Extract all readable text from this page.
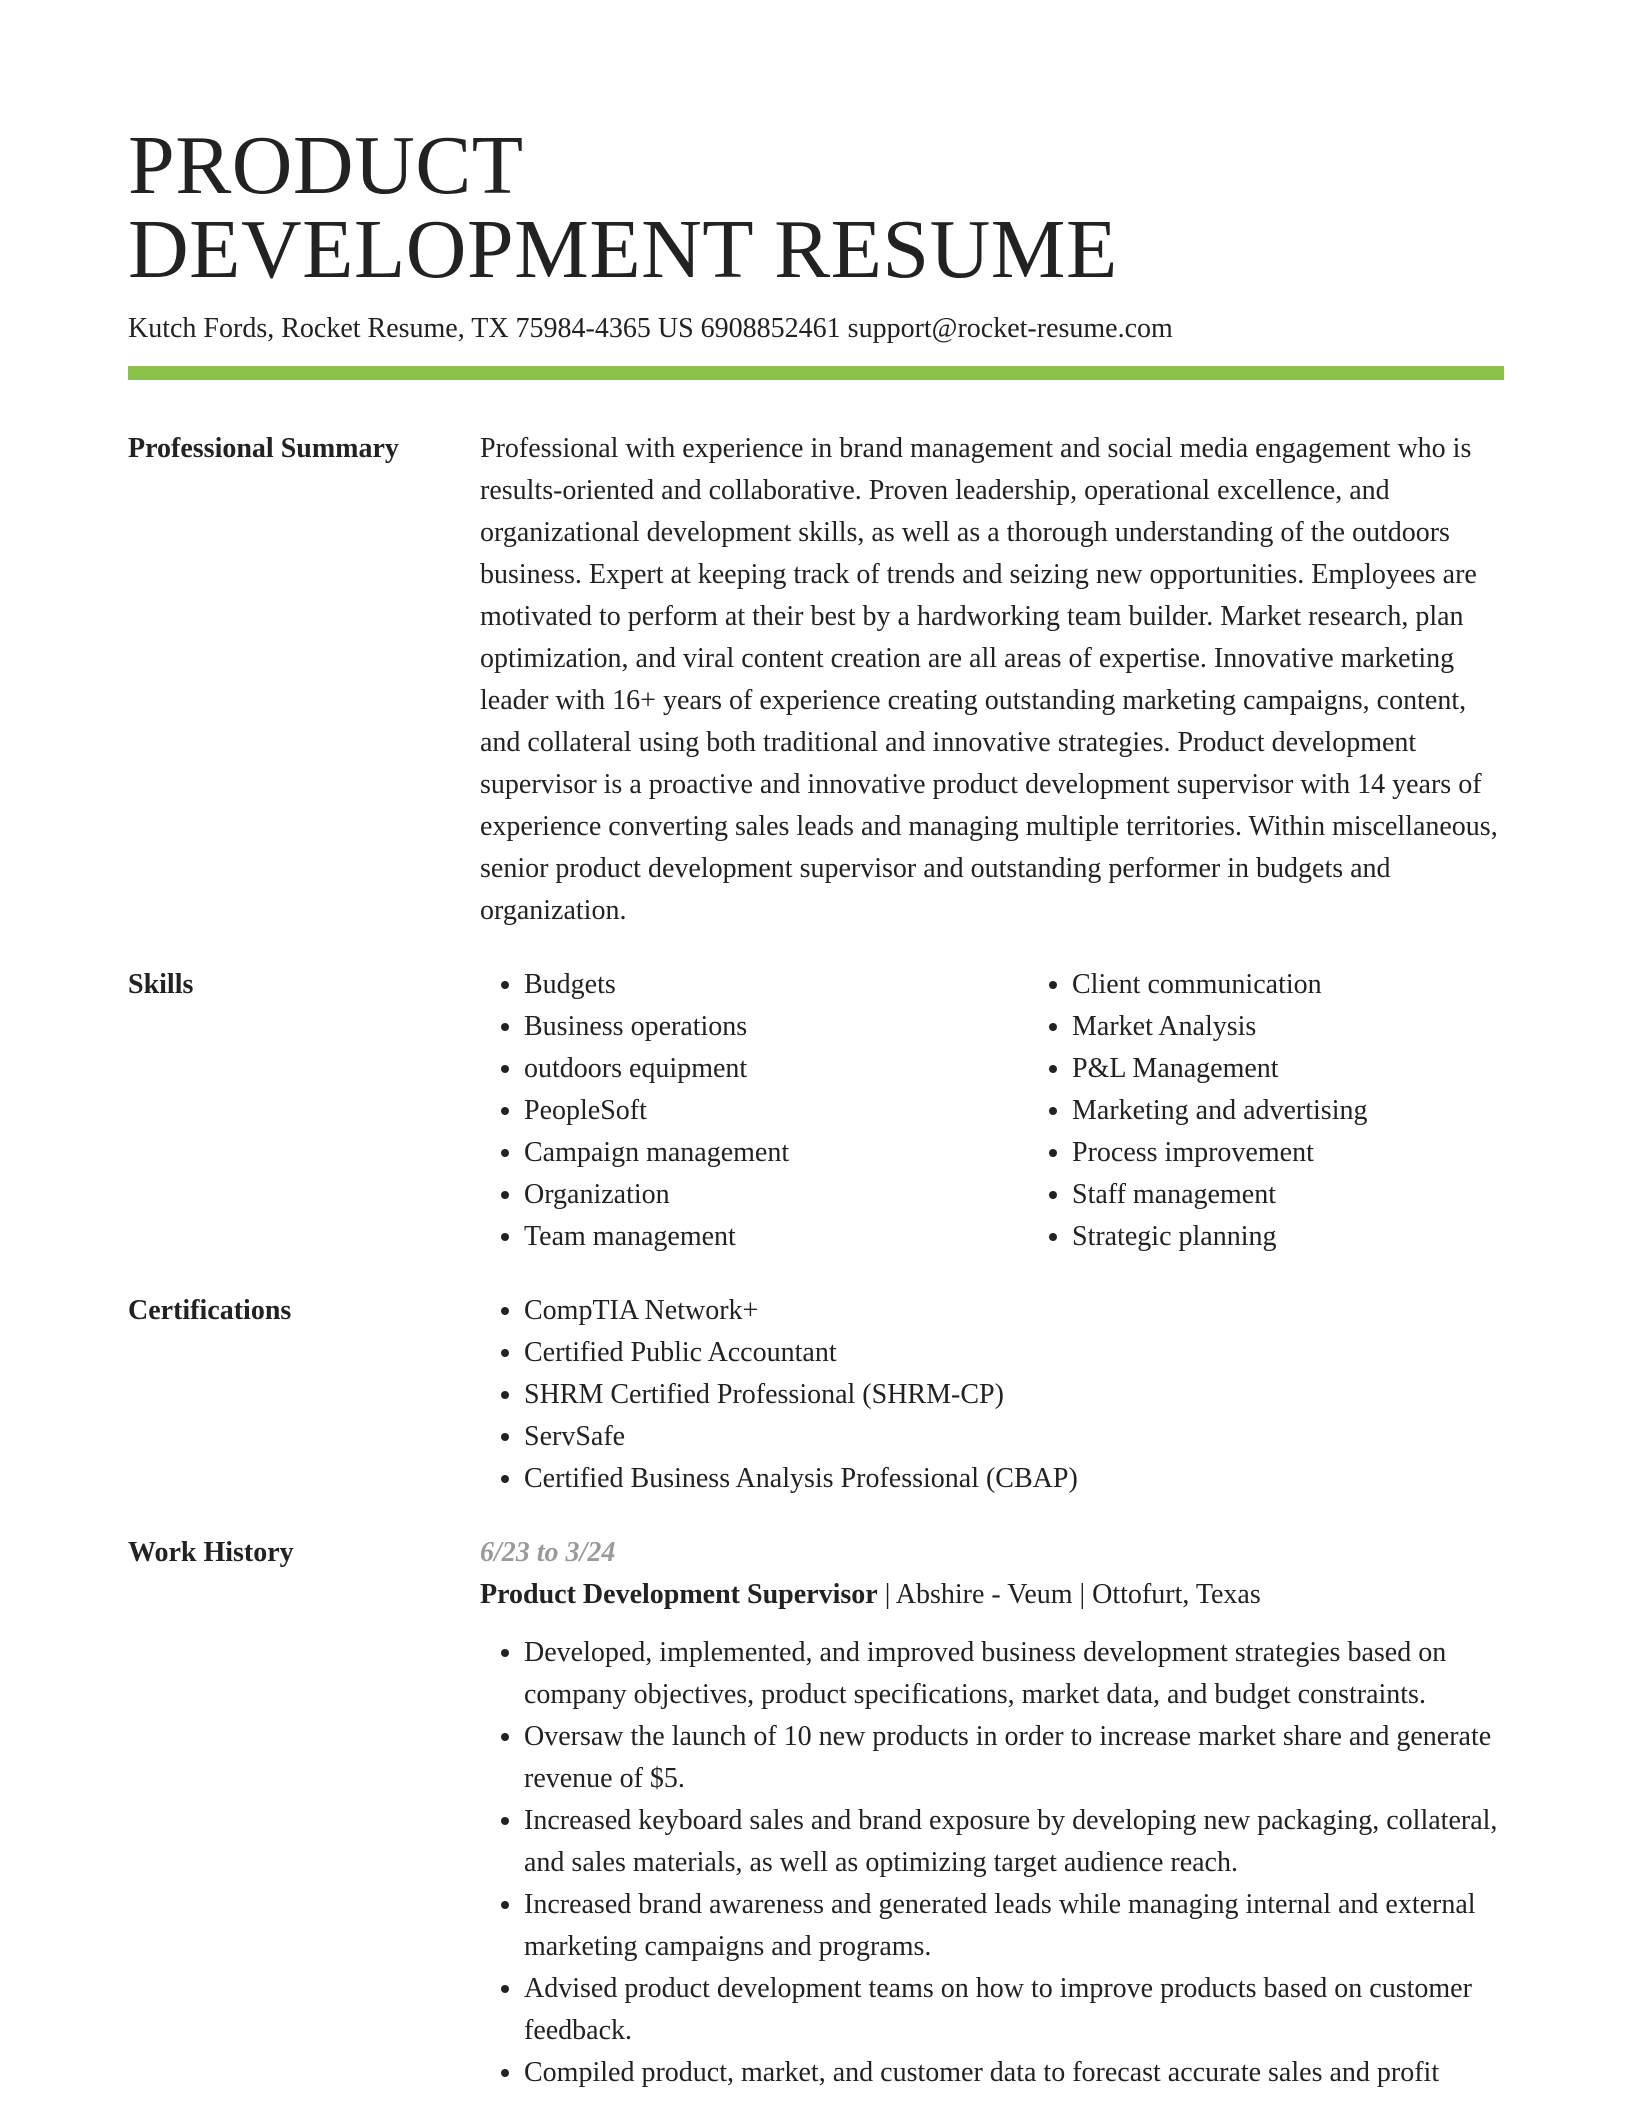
PRODUCT
DEVELOPMENT RESUME
Kutch Fords, Rocket Resume, TX 75984-4365 US 6908852461 support@rocket-resume.com
Professional Summary	Professional with experience in brand management and social media engagement who is results-oriented and collaborative. Proven leadership, operational excellence, and organizational development skills, as well as a thorough understanding of the outdoors business. Expert at keeping track of trends and seizing new opportunities. Employees are motivated to perform at their best by a hardworking team builder. Market research, plan optimization, and viral content creation are all areas of expertise. Innovative marketing leader with 16+ years of experience creating outstanding marketing campaigns, content, and collateral using both traditional and innovative strategies. Product development supervisor is a proactive and innovative product development supervisor with 14 years of experience converting sales leads and managing multiple territories. Within miscellaneous, senior product development supervisor and outstanding performer in budgets and organization.

Skills	• Budgets
• Business operations
• outdoors equipment
• PeopleSoft
• Campaign management
• Organization
• Team management
• Client communication
• Market Analysis
• P&L Management
• Marketing and advertising
• Process improvement
• Staff management
• Strategic planning
Certifications	• CompTIA Network+
• Certified Public Accountant
• SHRM Certified Professional (SHRM-CP)
• ServSafe
• Certified Business Analysis Professional (CBAP)
Work History	6/23 to 3/24
Product Development Supervisor | Abshire - Veum | Ottofurt, Texas
• Developed, implemented, and improved business development strategies based on company objectives, product specifications, market data, and budget constraints.
• Oversaw the launch of 10 new products in order to increase market share and generate revenue of $5.
• Increased keyboard sales and brand exposure by developing new packaging, collateral, and sales materials, as well as optimizing target audience reach.
• Increased brand awareness and generated leads while managing internal and external marketing campaigns and programs.
• Advised product development teams on how to improve products based on customer feedback.
• Compiled product, market, and customer data to forecast accurate sales and profit
